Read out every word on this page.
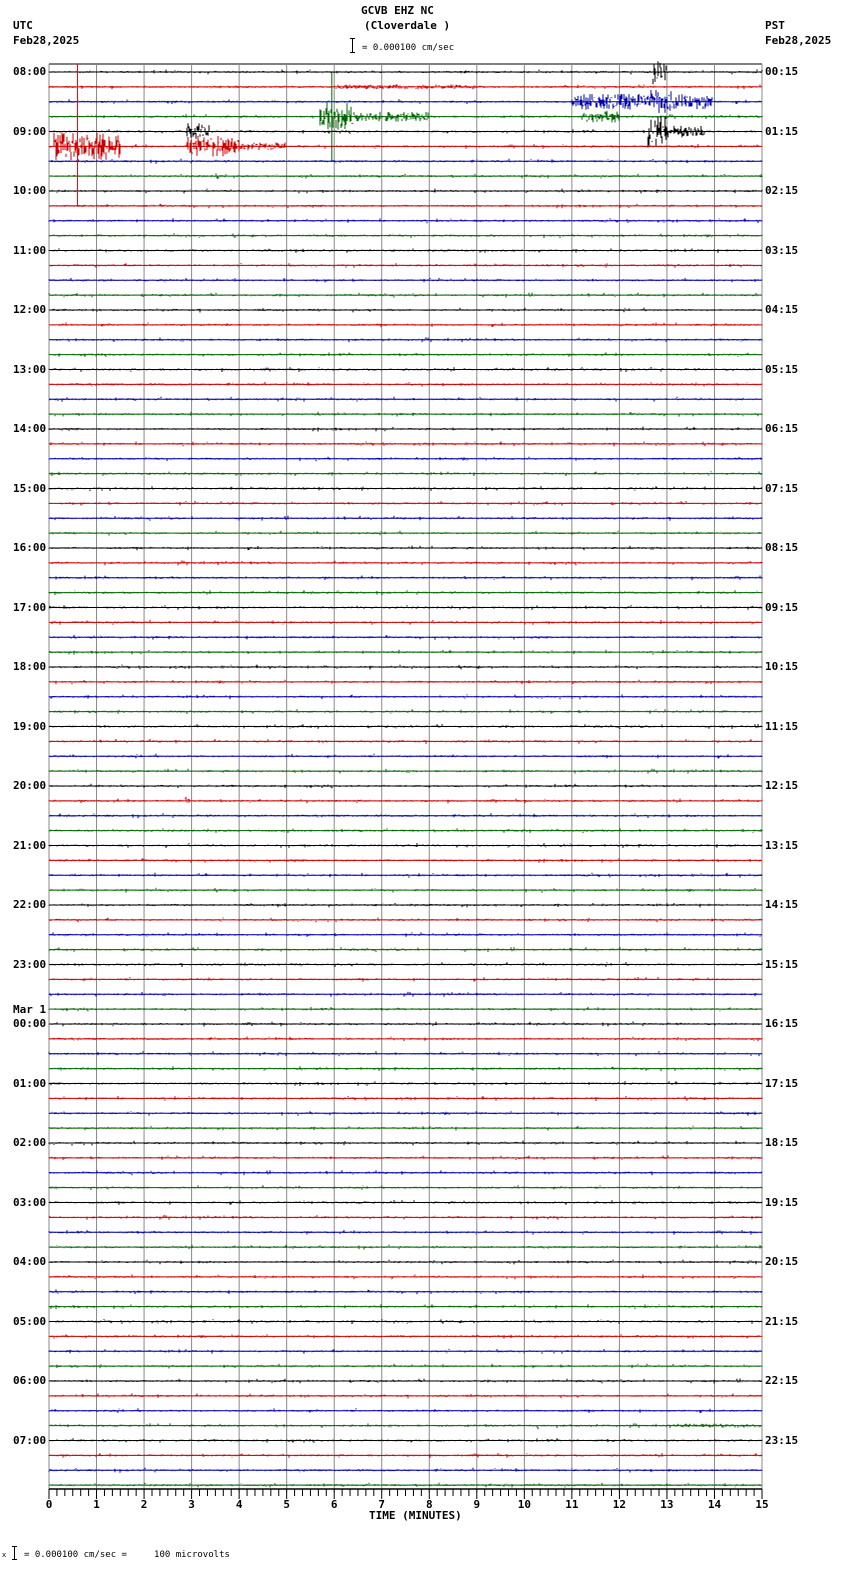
GCVB EHZ NC
(Cloverdale )
UTC
Feb28,2025
PST
Feb28,2025
= 0.000100 cm/sec
08:00
09:00
10:00
11:00
12:00
13:00
14:00
15:00
16:00
17:00
18:00
19:00
20:00
21:00
22:00
23:00
00:00
Mar 1
01:00
02:00
03:00
04:00
05:00
06:00
07:00
00:15
01:15
02:15
03:15
04:15
05:15
06:15
07:15
08:15
09:15
10:15
11:15
12:15
13:15
14:15
15:15
16:15
17:15
18:15
19:15
20:15
21:15
22:15
23:15
0	1	2	3	4	5	6	7	8	9	10	11	12	13	14	15
TIME (MINUTES)
x = 0.000100 cm/sec =     100 microvolts
